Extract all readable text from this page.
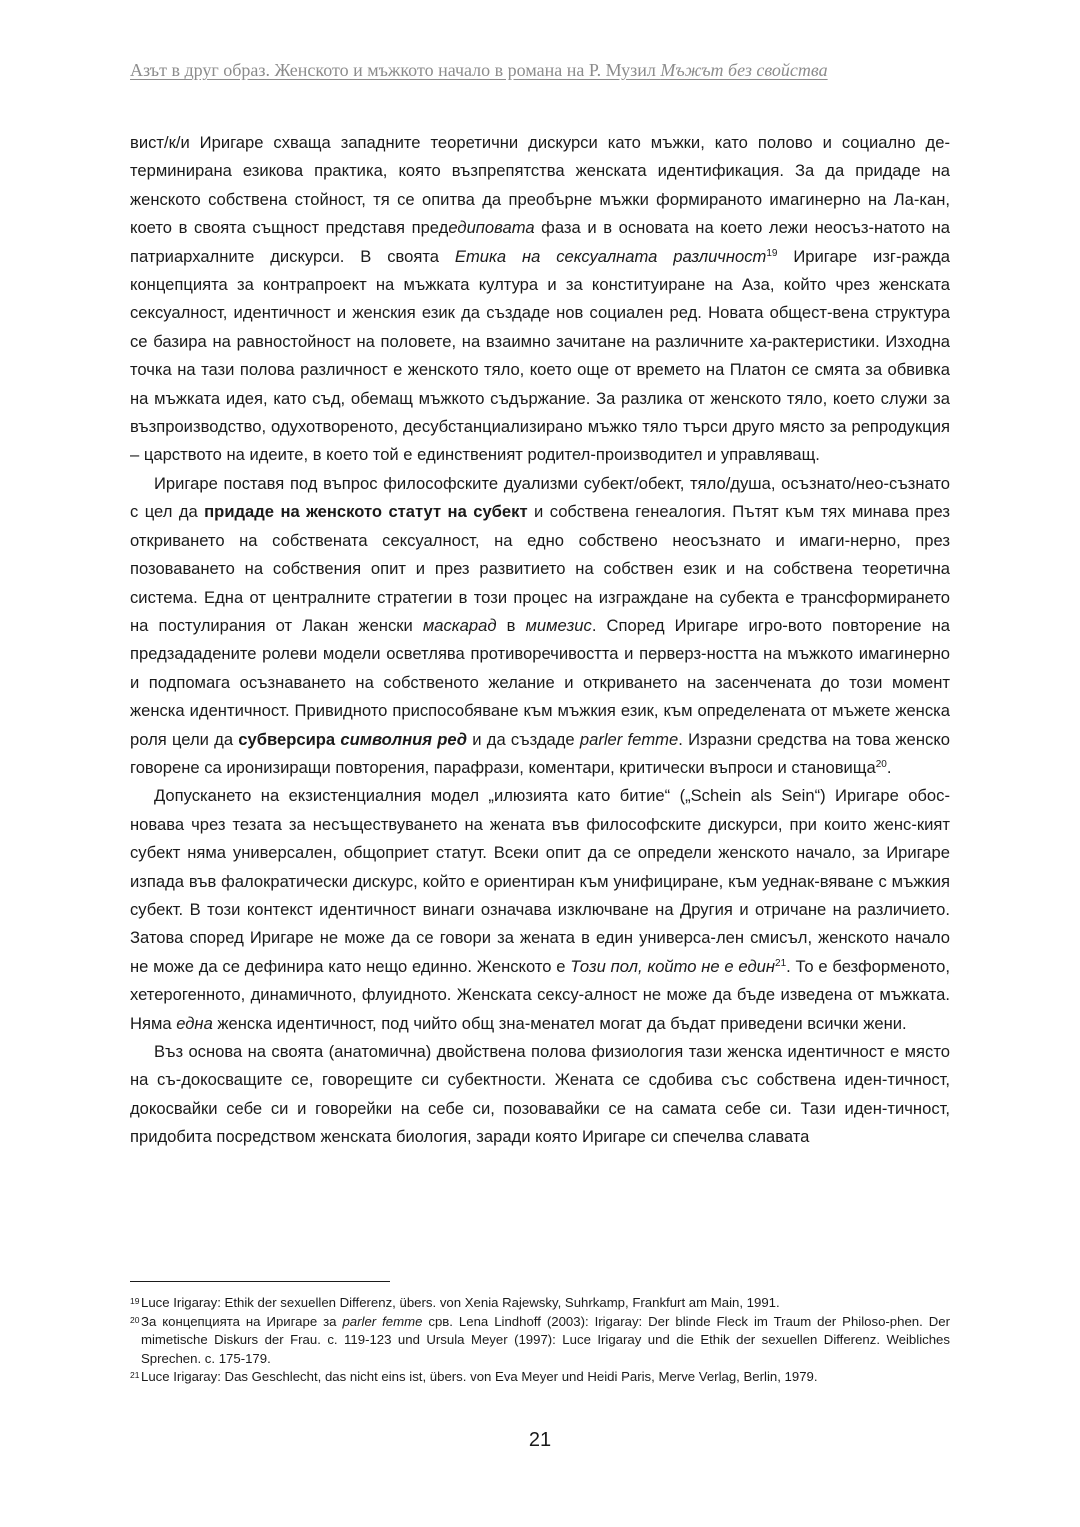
Азът в друг образ. Женското и мъжкото начало в романа на Р. Музил Мъжът без свойства

вист/к/и Иригаре схваща западните теоретични дискурси като мъжки, като полово и социално де-терминирана езикова практика, която възпрепятства женската идентификация. За да придаде на женското собствена стойност, тя се опитва да преобърне мъжки формираното имагинерно на Ла-кан, което в своята същност представя предедиповата фаза и в основата на което лежи неосъз-натото на патриархалните дискурси. В своята Етика на сексуалната различност$^{19}$ Иригаре изг-ражда концепцията за контрапроект на мъжката култура и за конституиране на Аза, който чрез женската сексуалност, идентичност и женския език да създаде нов социален ред. Новата общест-вена структура се базира на равностойност на половете, на взаимно зачитане на различните ха-рактеристики. Изходна точка на тази полова различност е женското тяло, което още от времето на Платон се смята за обвивка на мъжката идея, като съд, обемащ мъжкото съдържание. За разлика от женското тяло, което служи за възпроизводство, одухотвореното, десубстанциализирано мъжко тяло търси друго място за репродукция – царството на идеите, в което той е единственият родител-производител и управляващ.

Иригаре поставя под въпрос философските дуализми субект/обект, тяло/душа, осъзнато/нео-съзнато с цел да придаде на женското статут на субект и собствена генеалогия. Пътят към тях минава през откриването на собствената сексуалност, на едно собствено неосъзнато и имаги-нерно, през позоваването на собствения опит и през развитието на собствен език и на собствена теоретична система. Една от централните стратегии в този процес на изграждане на субекта е трансформирането на постулирания от Лакан женски маскарад в мимезис. Според Иригаре игро-вото повторение на предзададените ролеви модели осветлява противоречивостта и перверз-ността на мъжкото имагинерно и подпомага осъзнаването на собственото желание и откриването на засенчената до този момент женска идентичност. Привидното приспособяване към мъжкия език, към определената от мъжете женска роля цели да субверсира символния ред и да създаде parler femme. Изразни средства на това женско говорене са иронизиращи повторения, парафрази, коментари, критически въпроси и становища$^{20}$.

Допускането на екзистенциалния модел „илюзията като битие“ („Schein als Sein“) Иригаре обос-новава чрез тезата за несъществуването на жената във философските дискурси, при които женс-кият субект няма универсален, общоприет статут. Всеки опит да се определи женското начало, за Иригаре изпада във фалократически дискурс, който е ориентиран към унифициране, към уеднак-вяване с мъжкия субект. В този контекст идентичност винаги означава изключване на Другия и отричане на различието. Затова според Иригаре не може да се говори за жената в един универса-лен смисъл, женското начало не може да се дефинира като нещо единно. Женското е Този пол, който не е един$^{21}$. То е безформеното, хетерогенното, динамичното, флуидното. Женската сексу-алност не може да бъде изведена от мъжката. Няма една женска идентичност, под чийто общ зна-менател могат да бъдат приведени всички жени.

Въз основа на своята (анатомична) двойствена полова физиология тази женска идентичност е място на съ-докосващите се, говорещите си субектности. Жената се сдобива със собствена иден-тичност, докосвайки себе си и говорейки на себе си, позовавайки се на самата себе си. Тази иден-тичност, придобита посредством женската биология, заради която Иригаре си спечелва славата

19 Luce Irigaray: Ethik der sexuellen Differenz, übers. von Xenia Rajewsky, Suhrkamp, Frankfurt am Main, 1991.
20 За концепцията на Иригаре за parler femme срв. Lena Lindhoff (2003): Irigaray: Der blinde Fleck im Traum der Philoso-phen. Der mimetische Diskurs der Frau. c. 119-123 und Ursula Meyer (1997): Luce Irigaray und die Ethik der sexuellen Differenz. Weibliches Sprechen. c. 175-179.
21 Luce Irigaray: Das Geschlecht, das nicht eins ist, übers. von Eva Meyer und Heidi Paris, Merve Verlag, Berlin, 1979.
21
